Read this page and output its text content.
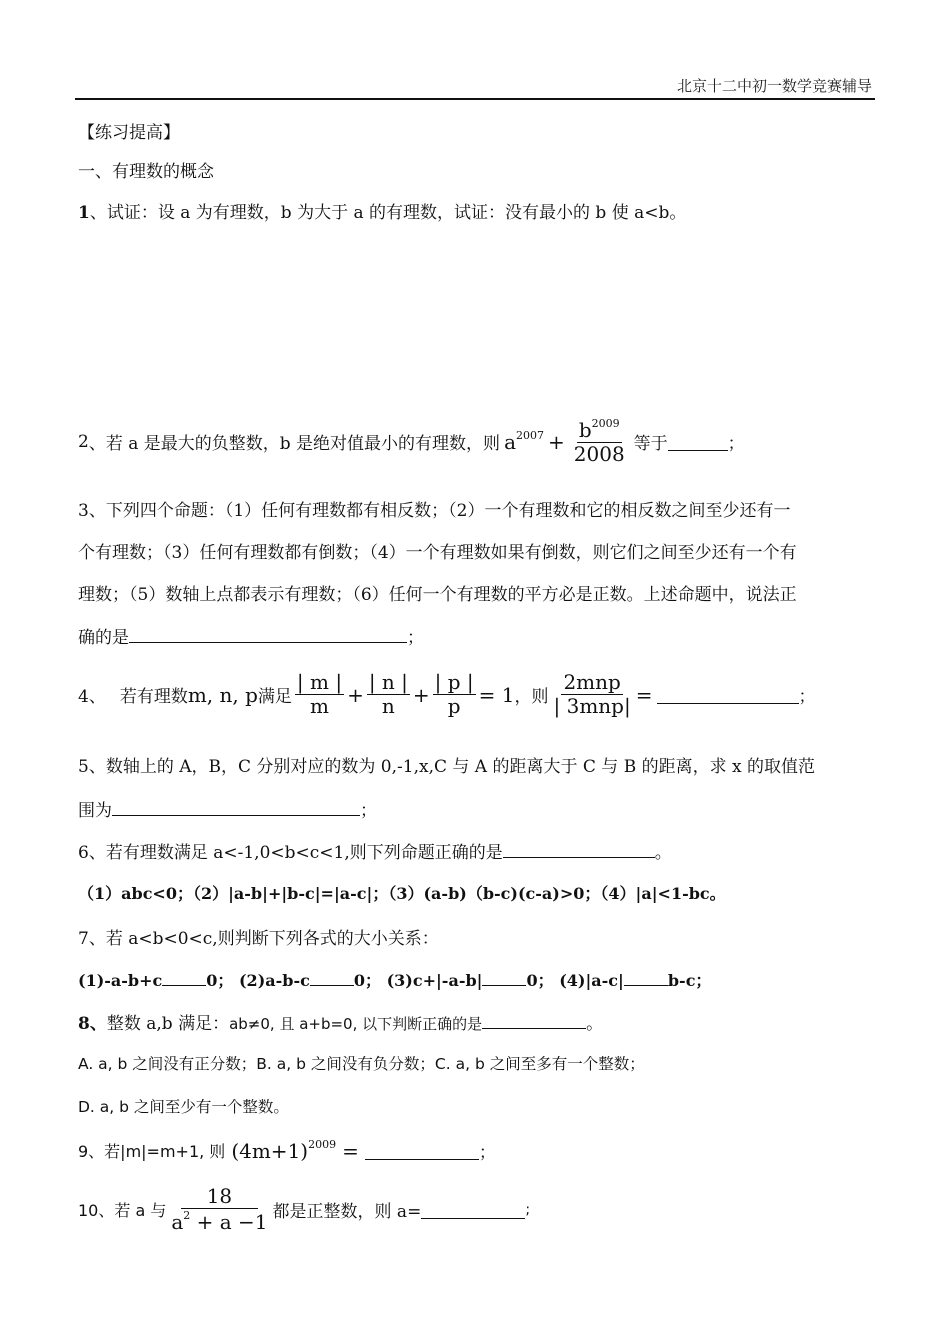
北京十二中初一数学竞赛辅导
【练习提高】
一、有理数的概念
1、试证：设 a 为有理数，b 为大于 a 的有理数，试证：没有最小的 b 使 a<b。
2 、若 a 是最大的负整数，b 是绝对值最小的有理数，则 $a^{2007} + \frac{b^{2009}}{2008}$ 等于	；
3、下列四个命题：（1）任何有理数都有相反数；（2）一个有理数和它的相反数之间至少还有一
个有理数；（3）任何有理数都有倒数；（4）一个有理数如果有倒数，则它们之间至少还有一个有
理数；（5）数轴上点都表示有理数；（6）任何一个有理数的平方必是正数。上述命题中，说法正
确的是	；
4、 若有理数 m, n, p 满足 $\frac{| m |}{m} + \frac{| n |}{n} + \frac{| p |}{p} = 1$ ， 则 $\frac{\text{2mnp}}{\text{| 3mnp|}}$ =	；
5、数轴上的 A，B，C 分别对应的数为 0,-1,x,C 与 A 的距离大于 C 与 B 的距离，求 x 的取值范
围为	；
6、若有理数满足 a<-1,0<b<c<1,则下列命题正确的是	。
（1）abc<0；（2）|a-b|+|b-c|=|a-c|；（3）(a-b)（b-c)(c-a)>0；（4）|a|<1-bc。
7、若 a<b<0<c,则判断下列各式的大小关系：
(1)-a-b+c	0； (2)a-b-c	0； (3)c+|-a-b|	0； (4)|a-c|	b-c；
8、整数 a,b 满足：ab≠0, 且 a+b=0, 以下判断正确的是	。
A. a, b 之间没有正分数；B. a, b 之间没有负分数；C. a, b 之间至多有一个整数；
D. a, b 之间至少有一个整数。
9、若|m|=m+1, 则 $(4m+1)^{2009}$ =	；
10、若 a 与 $\frac{18}{a^2 + a -1}$ 都是正整数，则 a=	;
